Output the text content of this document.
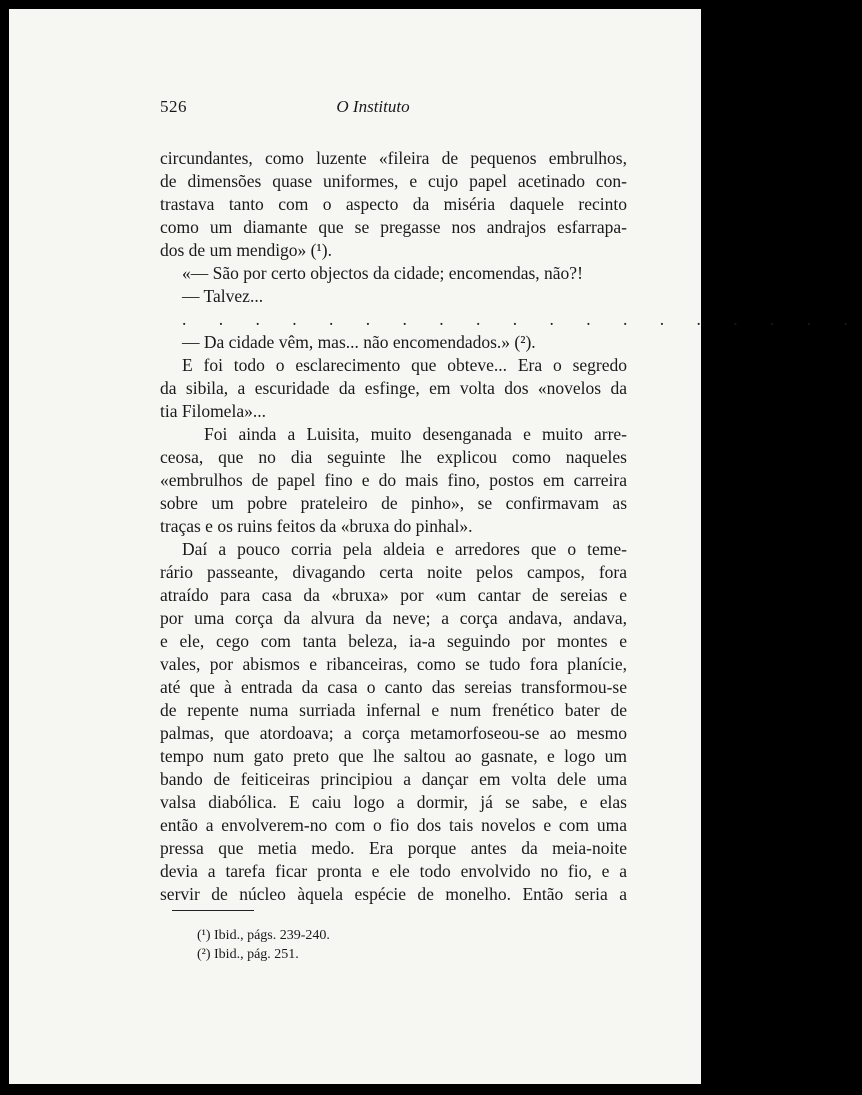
526	O Instituto
circundantes, como luzente «fileira de pequenos embrulhos,
de dimensões quase uniformes, e cujo papel acetinado con-
trastava tanto com o aspecto da miséria daquele recinto
como um diamante que se pregasse nos andrajos esfarrapa-
dos de um mendigo» (¹).
«— São por certo objectos da cidade; encomendas, não?!
— Talvez...
. . . . . . . . . . . . . . . . . . .
— Da cidade vêm, mas... não encomendados.» (²).
E foi todo o esclarecimento que obteve... Era o segredo
da sibila, a escuridade da esfinge, em volta dos «novelos da
tia Filomela»...
Foi ainda a Luisita, muito desenganada e muito arre-
ceosa, que no dia seguinte lhe explicou como naqueles
«embrulhos de papel fino e do mais fino, postos em carreira
sobre um pobre prateleiro de pinho», se confirmavam as
traças e os ruins feitos da «bruxa do pinhal».
Daí a pouco corria pela aldeia e arredores que o teme-
rário passeante, divagando certa noite pelos campos, fora
atraído para casa da «bruxa» por «um cantar de sereias e
por uma corça da alvura da neve; a corça andava, andava,
e ele, cego com tanta beleza, ia-a seguindo por montes e
vales, por abismos e ribanceiras, como se tudo fora planície,
até que à entrada da casa o canto das sereias transformou-se
de repente numa surriada infernal e num frenético bater de
palmas, que atordoava; a corça metamorfoseou-se ao mesmo
tempo num gato preto que lhe saltou ao gasnate, e logo um
bando de feiticeiras principiou a dançar em volta dele uma
valsa diabólica. E caiu logo a dormir, já se sabe, e elas
então a envolverem-no com o fio dos tais novelos e com uma
pressa que metia medo. Era porque antes da meia-noite
devia a tarefa ficar pronta e ele todo envolvido no fio, e a
servir de núcleo àquela espécie de monelho. Então seria a
(¹) Ibid., págs. 239-240.
(²) Ibid., pág. 251.
